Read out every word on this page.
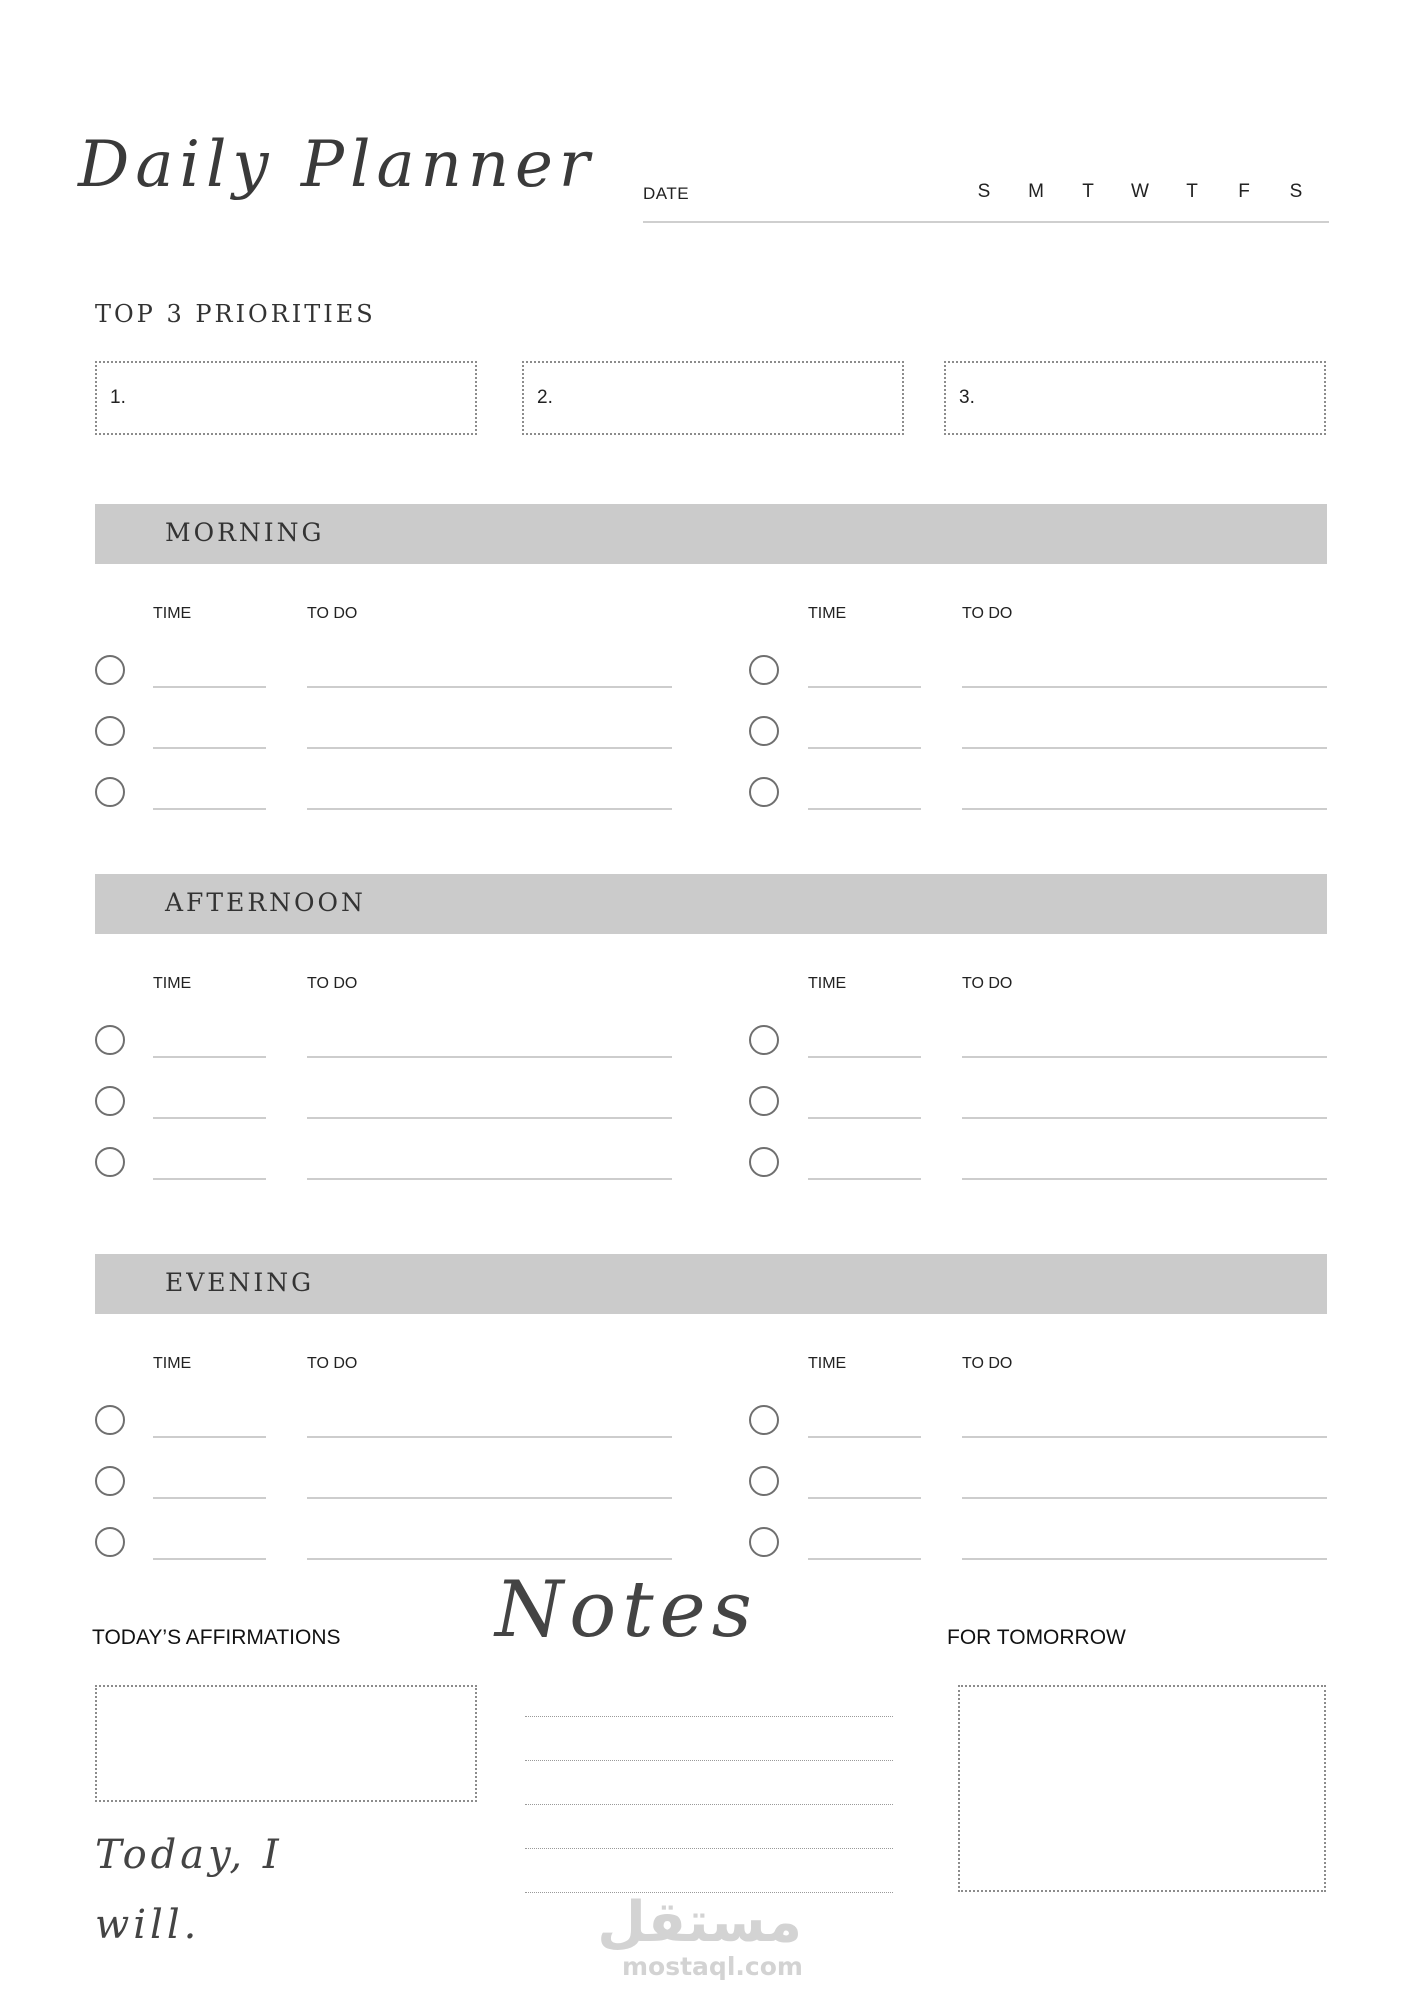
Daily Planner	DATE	S	M	T	W	T	F	S
TOP 3 PRIORITIES
1.	2.	3.
MORNING
TIME	TO DO	TIME	TO DO
AFTERNOON
TIME	TO DO	TIME	TO DO
EVENING
TIME	TO DO	TIME	TO DO
TODAY’S AFFIRMATIONS
Today, I will.
Notes	FOR TOMORROW
مستقل
mostaql.com
